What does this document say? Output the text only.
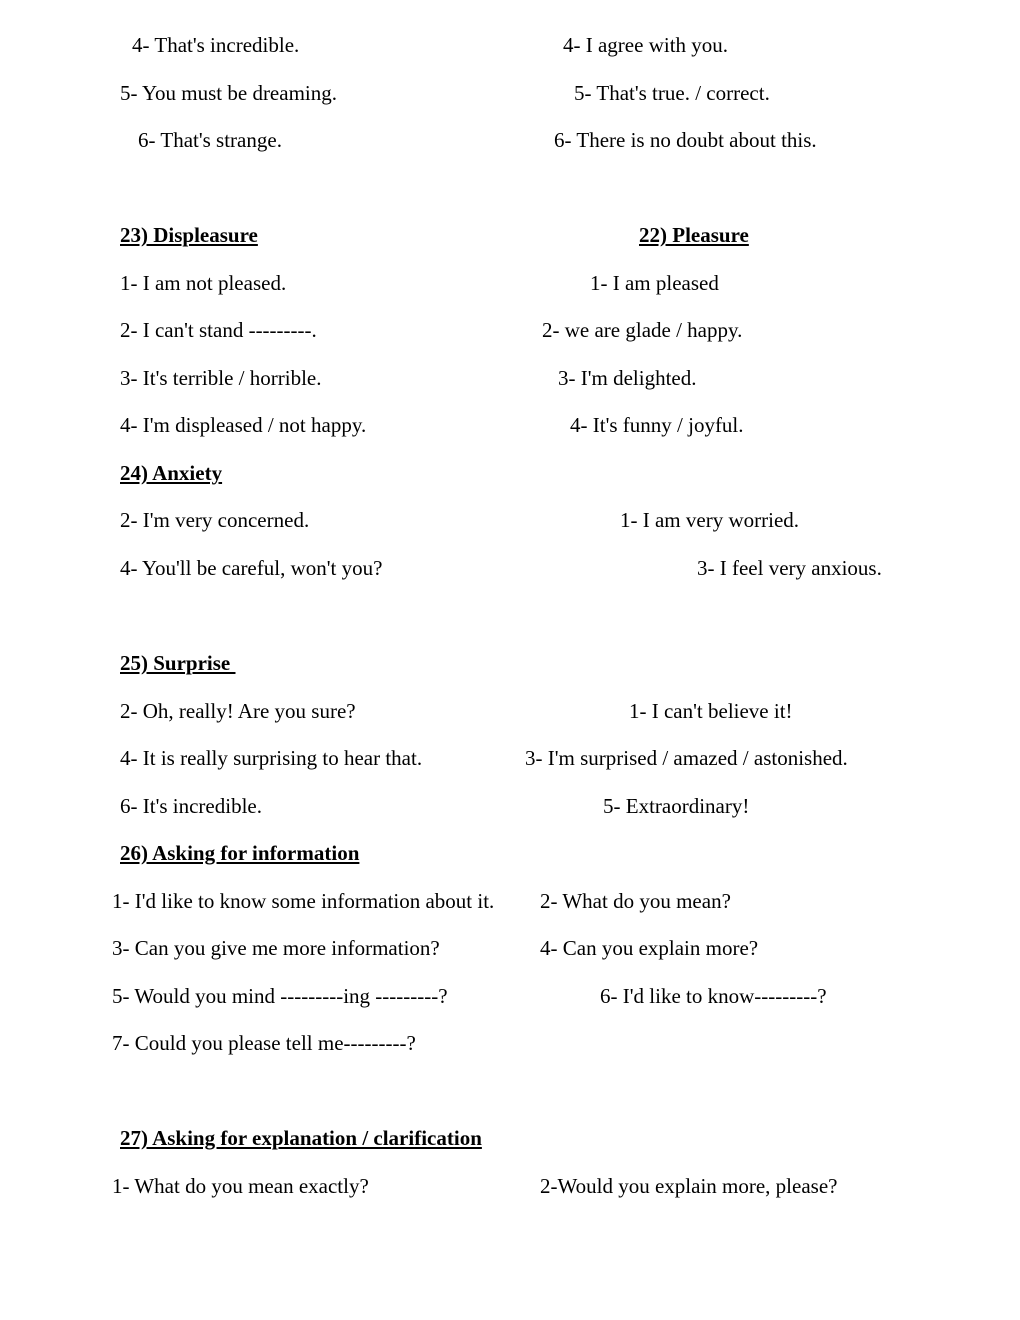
4- That's incredible.
5- You must be dreaming.
6- That's strange.
4- I agree with you.
5- That's true. / correct.
6- There is no doubt about this.
23) Displeasure	22) Pleasure
1- I am not pleased.
2- I can't stand ---------.
3- It's terrible / horrible.
4- I'm displeased / not happy.
1- I am pleased
2- we are glade / happy.
3- I'm delighted.
4- It's funny / joyful.
24) Anxiety
2- I'm very concerned.
4- You'll be careful, won't you?
1- I am very worried.
3- I feel very anxious.
25) Surprise
2- Oh, really! Are you sure?
4- It is really surprising to hear that.
6- It's incredible.
1- I can't believe it!
3- I'm surprised / amazed / astonished.
5- Extraordinary!
26) Asking for information
1- I'd like to know some information about it.
3- Can you give me more information?
5- Would you mind ---------ing ---------?
7- Could you please tell me---------?
2- What do you mean?
4- Can you explain more?
6- I'd like to know---------?
27) Asking for explanation / clarification
1- What do you mean exactly?	2-Would you explain more, please?
